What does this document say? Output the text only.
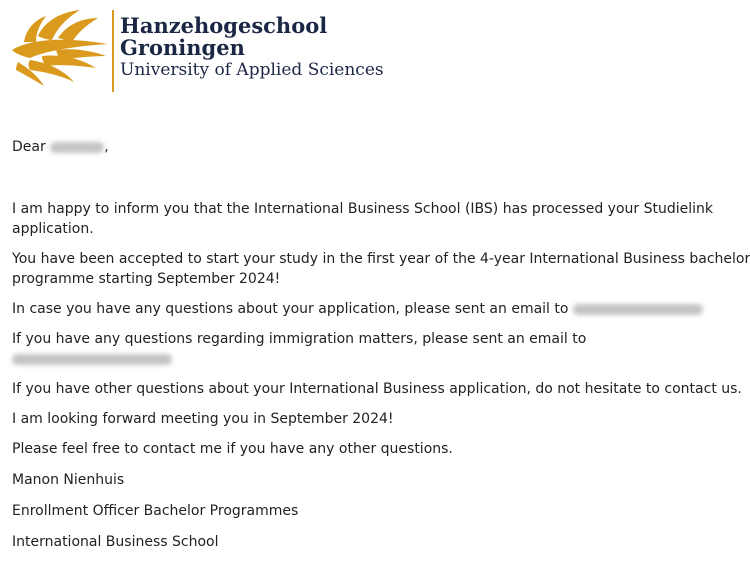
Hanzehogeschool
Groningen
University of Applied Sciences

Dear	,

I am happy to inform you that the International Business School (IBS) has processed your Studielink

application.

You have been accepted to start your study in the first year of the 4-year International Business bachelor

programme starting September 2024!

In case you have any questions about your application, please sent an email to

If you have any questions regarding immigration matters, please sent an email to

If you have other questions about your International Business application, do not hesitate to contact us.

I am looking forward meeting you in September 2024!

Please feel free to contact me if you have any other questions.

Manon Nienhuis

Enrollment Officer Bachelor Programmes

International Business School
